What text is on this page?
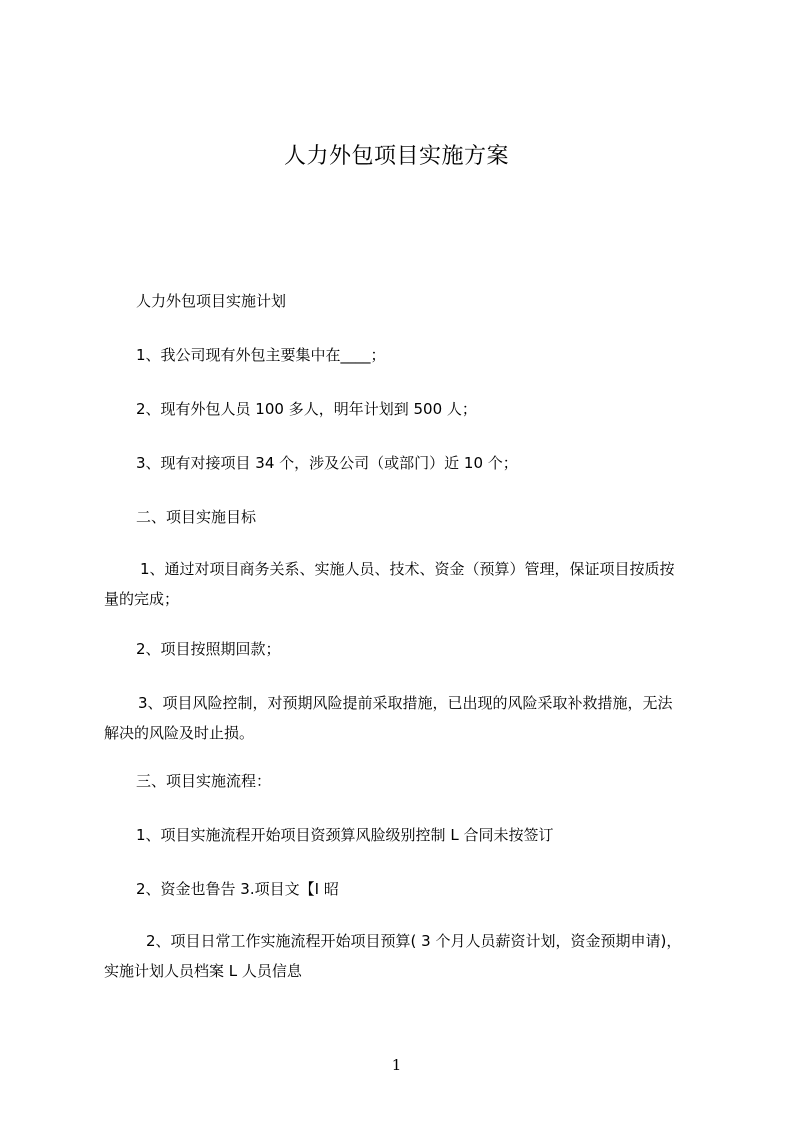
人力外包项目实施方案
人力外包项目实施计划
1、我公司现有外包主要集中在____；
2、现有外包人员 100 多人，明年计划到 500 人；
3、现有对接项目 34 个，涉及公司（或部门）近 10 个；
二、项目实施目标
1、通过对项目商务关系、实施人员、技术、资金（预算）管理，保证项目按质按
量的完成；
2、项目按照期回款；
3、项目风险控制，对预期风险提前采取措施，已出现的风险采取补救措施，无法
解决的风险及时止损。
三、项目实施流程：
1、项目实施流程开始项目资颈算风脸级别控制 L 合同未按签订
2、资金也鲁告 3.项目文【I 昭
2、项目日常工作实施流程开始项目预算( 3 个月人员薪资计划，资金预期申请)，
实施计划人员档案 L 人员信息
1
